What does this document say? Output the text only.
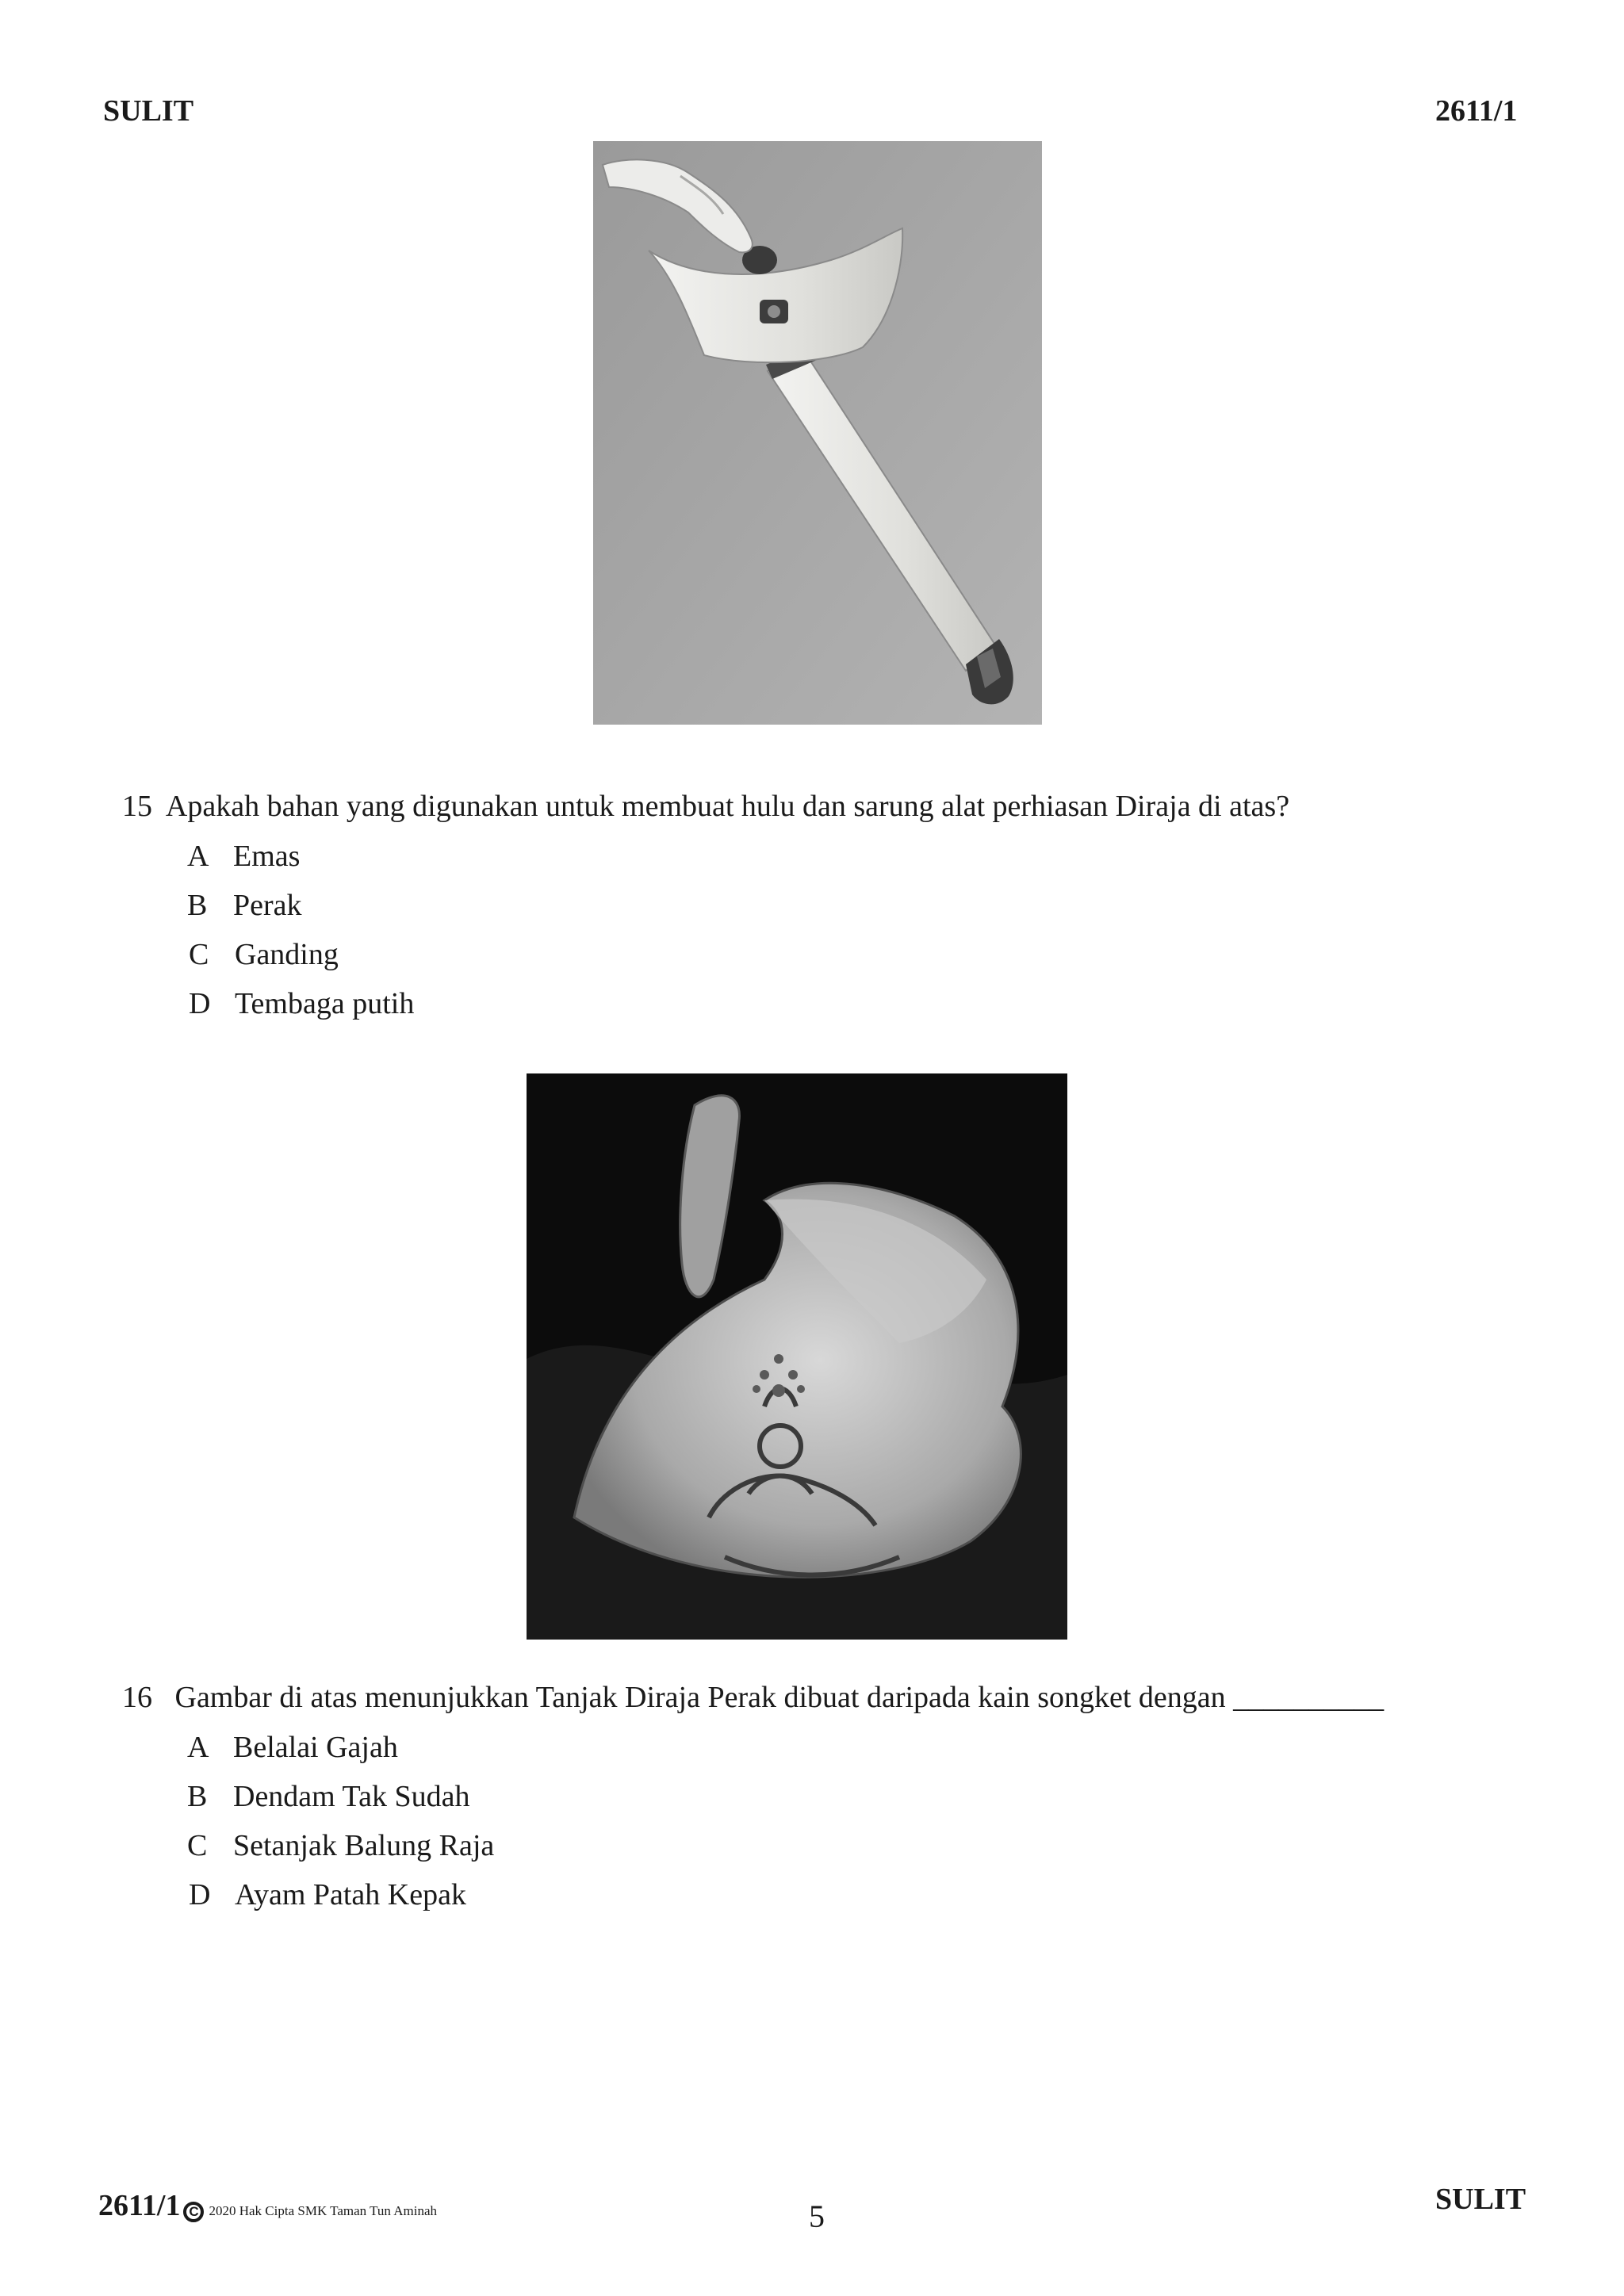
SULIT	2611/1
15 Apakah bahan yang digunakan untuk membuat hulu dan sarung alat perhiasan Diraja di atas?
A Emas
B Perak
C Ganding
D Tembaga putih
16 Gambar di atas menunjukkan Tanjak Diraja Perak dibuat daripada kain songket dengan __________
A Belalai Gajah
B Dendam Tak Sudah
C Setanjak Balung Raja
D Ayam Patah Kepak
2611/1 C 2020 Hak Cipta SMK Taman Tun Aminah	5	SULIT
